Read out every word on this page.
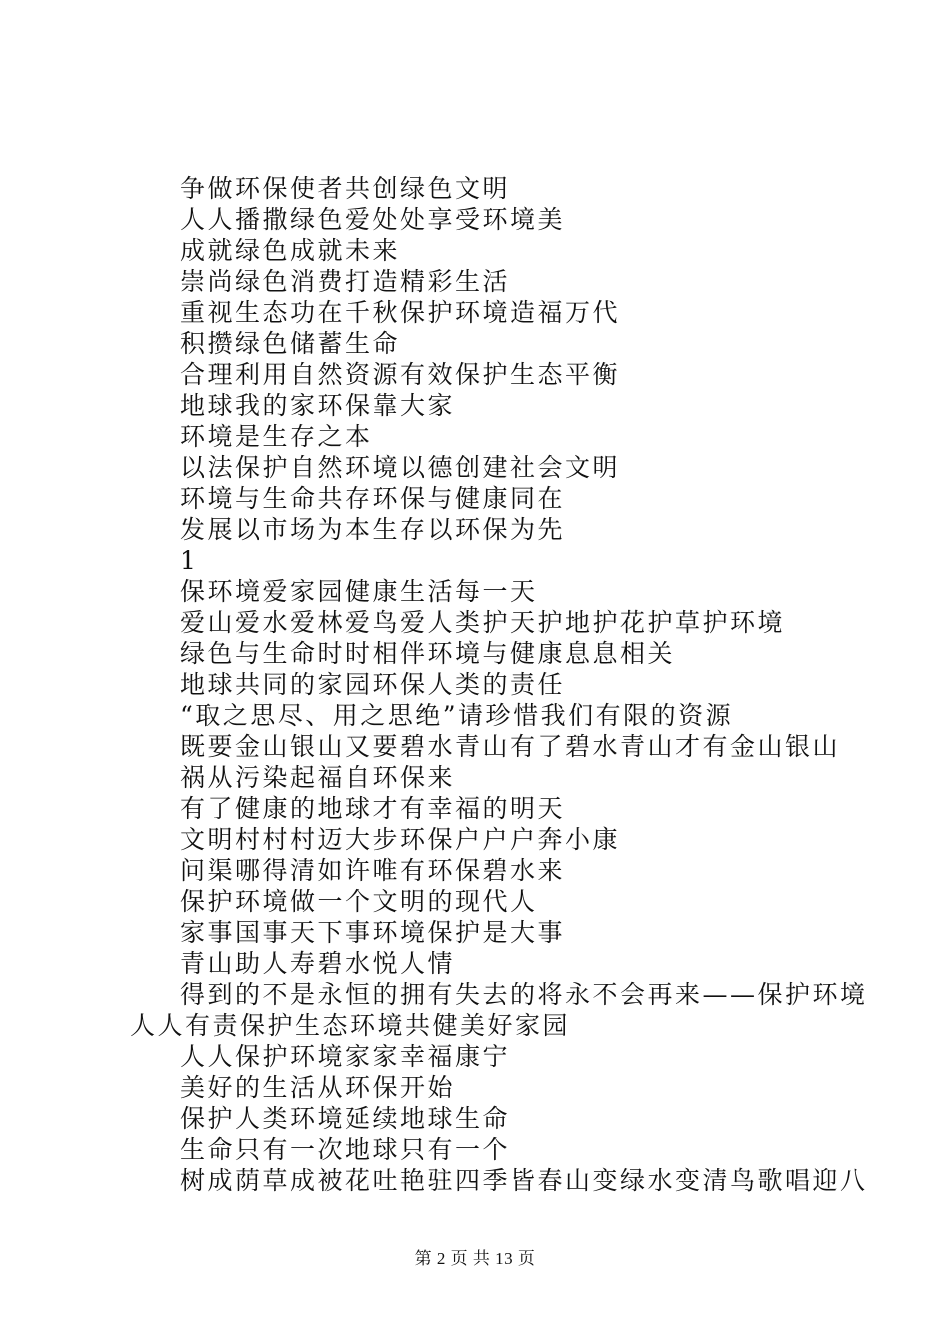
争做环保使者共创绿色文明
人人播撒绿色爱处处享受环境美
成就绿色成就未来
崇尚绿色消费打造精彩生活
重视生态功在千秋保护环境造福万代
积攒绿色储蓄生命
合理利用自然资源有效保护生态平衡
地球我的家环保靠大家
环境是生存之本
以法保护自然环境以德创建社会文明
环境与生命共存环保与健康同在
发展以市场为本生存以环保为先
1
保环境爱家园健康生活每一天
爱山爱水爱林爱鸟爱人类护天护地护花护草护环境
绿色与生命时时相伴环境与健康息息相关
地球共同的家园环保人类的责任
“取之思尽、用之思绝”请珍惜我们有限的资源
既要金山银山又要碧水青山有了碧水青山才有金山银山
祸从污染起福自环保来
有了健康的地球才有幸福的明天
文明村村村迈大步环保户户户奔小康
问渠哪得清如许唯有环保碧水来
保护环境做一个文明的现代人
家事国事天下事环境保护是大事
青山助人寿碧水悦人情
得到的不是永恒的拥有失去的将永不会再来——保护环境
人人有责保护生态环境共健美好家园
人人保护环境家家幸福康宁
美好的生活从环保开始
保护人类环境延续地球生命
生命只有一次地球只有一个
树成荫草成被花吐艳驻四季皆春山变绿水变清鸟歌唱迎八
第 2 页 共 13 页
